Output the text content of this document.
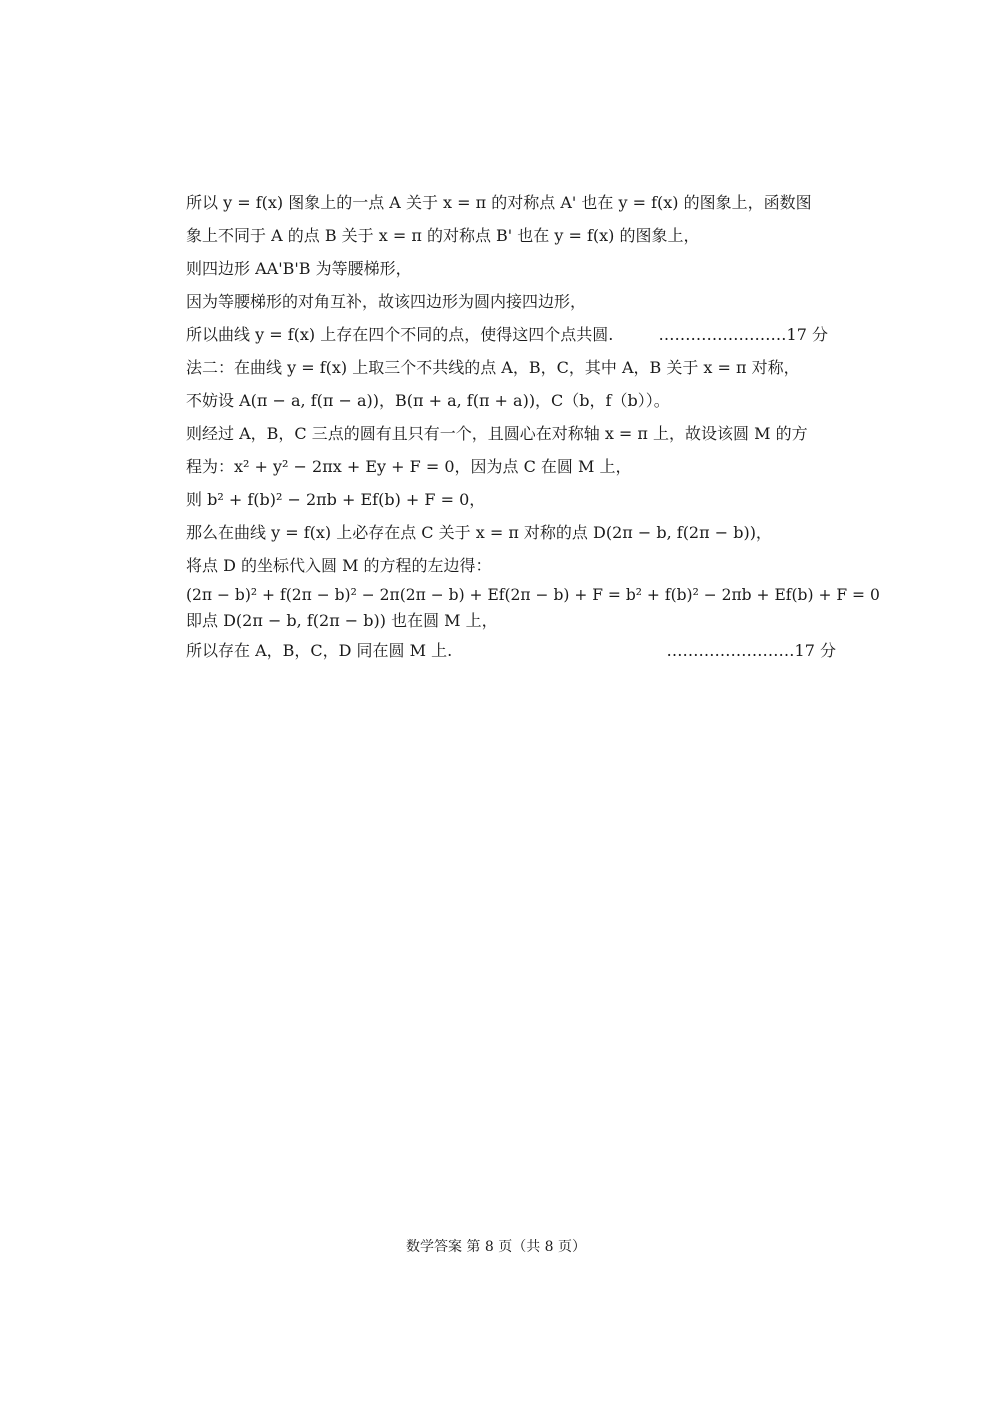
所以 y = f(x) 图象上的一点 A 关于 x = π 的对称点 A' 也在 y = f(x) 的图象上，函数图
象上不同于 A 的点 B 关于 x = π 的对称点 B' 也在 y = f(x) 的图象上，
则四边形 AA'B'B 为等腰梯形，
因为等腰梯形的对角互补，故该四边形为圆内接四边形，
所以曲线 y = f(x) 上存在四个不同的点，使得这四个点共圆.	……………………17 分
法二：在曲线 y = f(x) 上取三个不共线的点 A，B，C，其中 A，B 关于 x = π 对称，
不妨设 A(π − a, f(π − a))，B(π + a, f(π + a))，C（b，f（b））。
则经过 A，B，C 三点的圆有且只有一个，且圆心在对称轴 x = π 上，故设该圆 M 的方
程为：x² + y² − 2πx + Ey + F = 0，因为点 C 在圆 M 上，
则 b² + f(b)² − 2πb + Ef(b) + F = 0，
那么在曲线 y = f(x) 上必存在点 C 关于 x = π 对称的点 D(2π − b, f(2π − b))，
将点 D 的坐标代入圆 M 的方程的左边得：
(2π − b)² + f(2π − b)² − 2π(2π − b) + Ef(2π − b) + F = b² + f(b)² − 2πb + Ef(b) + F = 0
即点 D(2π − b, f(2π − b)) 也在圆 M 上，
所以存在 A，B，C，D 同在圆 M 上.	……………………17 分
数学答案 第 8 页（共 8 页）
